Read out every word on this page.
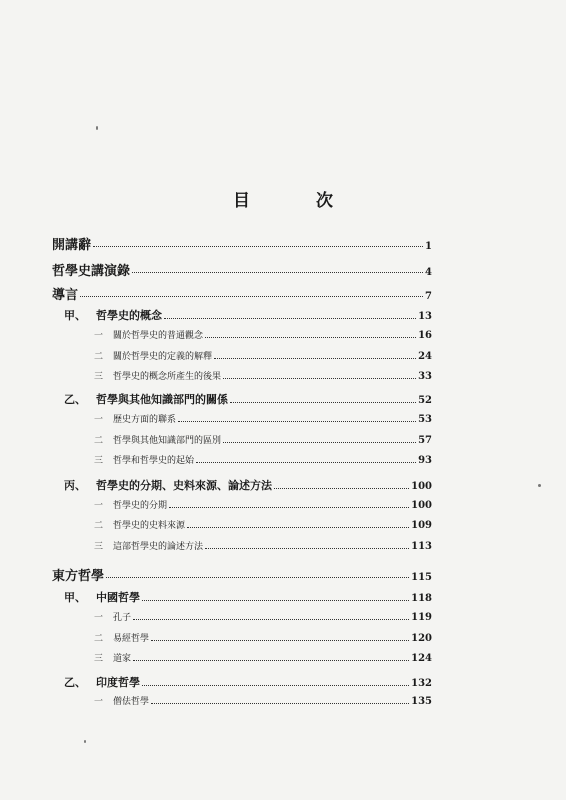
目 次
開講辭	1
哲學史講演錄	4
導言	7
甲、 哲學史的概念	13
一 關於哲學史的普通觀念	16
二 關於哲學史的定義的解釋	24
三 哲學史的概念所產生的後果	33
乙、 哲學與其他知識部門的關係	52
一 歷史方面的聯系	53
二 哲學與其他知識部門的區別	57
三 哲學和哲學史的起始	93
丙、 哲學史的分期、史料來源、論述方法	100
一 哲學史的分期	100
二 哲學史的史料來源	109
三 這部哲學史的論述方法	113
東方哲學	115
甲、 中國哲學	118
一 孔子	119
二 易經哲學	120
三 道家	124
乙、 印度哲學	132
一 僧佉哲學	135
